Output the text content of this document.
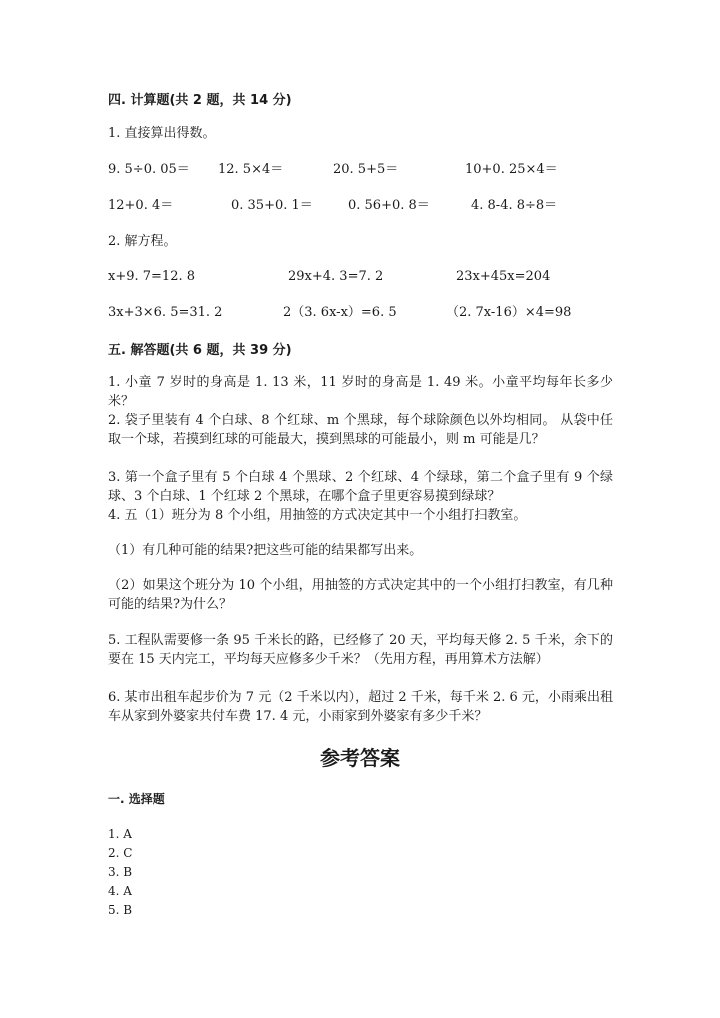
四. 计算题(共 2 题，共 14 分)
1. 直接算出得数。
9. 5÷0. 05＝ 12. 5×4＝	20. 5+5＝	10+0. 25×4＝
12+0. 4＝	0. 35+0. 1＝	0. 56+0. 8＝	4. 8-4. 8÷8＝
2. 解方程。
x+9. 7=12. 8	29x+4. 3=7. 2	23x+45x=204
3x+3×6. 5=31. 2	2（3. 6x-x）=6. 5	（2. 7x-16）×4=98
五. 解答题(共 6 题，共 39 分)
1. 小童 7 岁时的身高是 1. 13 米，11 岁时的身高是 1. 49 米。小童平均每年长多少米？
2. 袋子里装有 4 个白球、8 个红球、m 个黑球，每个球除颜色以外均相同。 从袋中任取一个球，若摸到红球的可能最大，摸到黑球的可能最小，则 m 可能是几？
3. 第一个盒子里有 5 个白球 4 个黑球、2 个红球、4 个绿球，第二个盒子里有 9 个绿球、3 个白球、1 个红球 2 个黑球，在哪个盒子里更容易摸到绿球？
4. 五（1）班分为 8 个小组，用抽签的方式决定其中一个小组打扫教室。
（1）有几种可能的结果?把这些可能的结果都写出来。
（2）如果这个班分为 10 个小组，用抽签的方式决定其中的一个小组打扫教室，有几种可能的结果?为什么？
5. 工程队需要修一条 95 千米长的路，已经修了 20 天，平均每天修 2. 5 千米，余下的要在 15 天内完工，平均每天应修多少千米？（先用方程，再用算术方法解）
6. 某市出租车起步价为 7 元（2 千米以内），超过 2 千米，每千米 2. 6 元，小雨乘出租车从家到外婆家共付车费 17. 4 元，小雨家到外婆家有多少千米？
参考答案
一. 选择题
1. A
2. C
3. B
4. A
5. B
